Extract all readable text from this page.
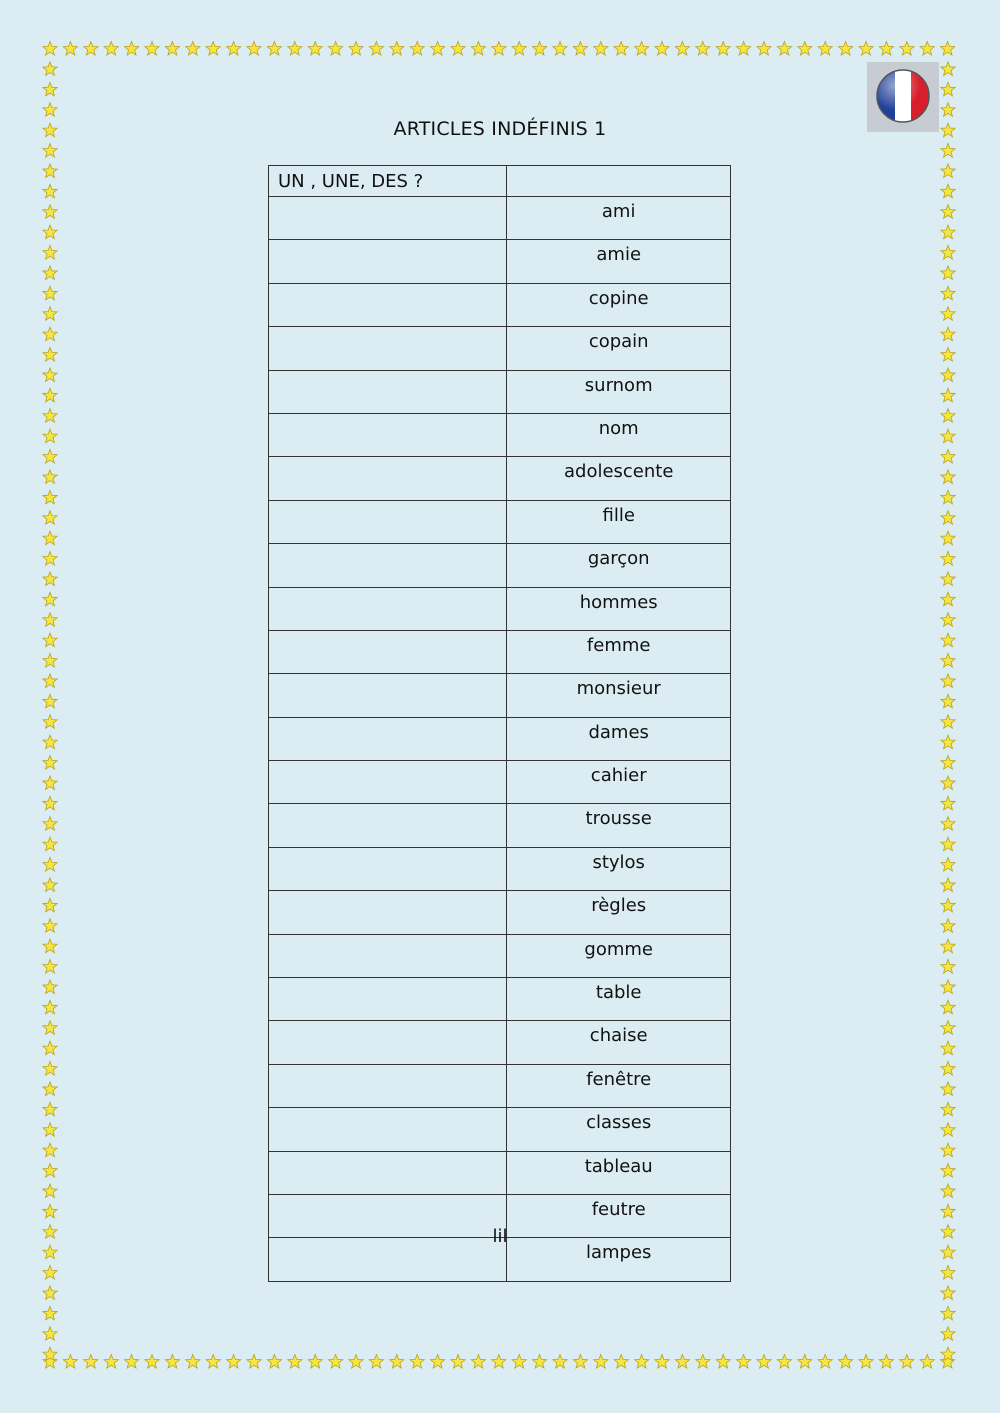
ARTICLES INDÉFINIS 1
UN , UNE, DES ?	
	ami
	amie
	copine
	copain
	surnom
	nom
	adolescente
	fille
	garçon
	hommes
	femme
	monsieur
	dames
	cahier
	trousse
	stylos
	règles
	gomme
	table
	chaise
	fenêtre
	classes
	tableau
	feutre
	lampes
lil
